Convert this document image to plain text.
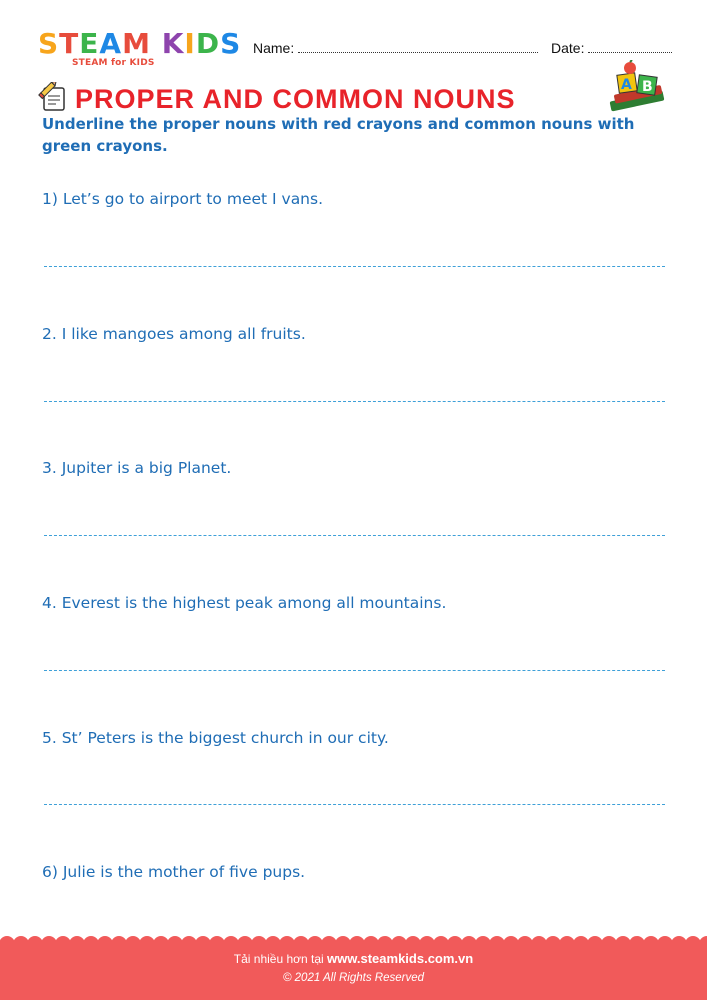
STEAM KIDS
STEAM for KIDS
Name:	Date:
PROPER AND COMMON NOUNS	A B
Underline the proper nouns with red crayons and common nouns with green crayons.
1) Let’s go to airport to meet I vans.
2. I like mangoes among all fruits.
3. Jupiter is a big Planet.
4. Everest is the highest peak among all mountains.
5. St’ Peters is the biggest church in our city.
6) Julie is the mother of five pups.
Tải nhiều hơn tại www.steamkids.com.vn
© 2021 All Rights Reserved
